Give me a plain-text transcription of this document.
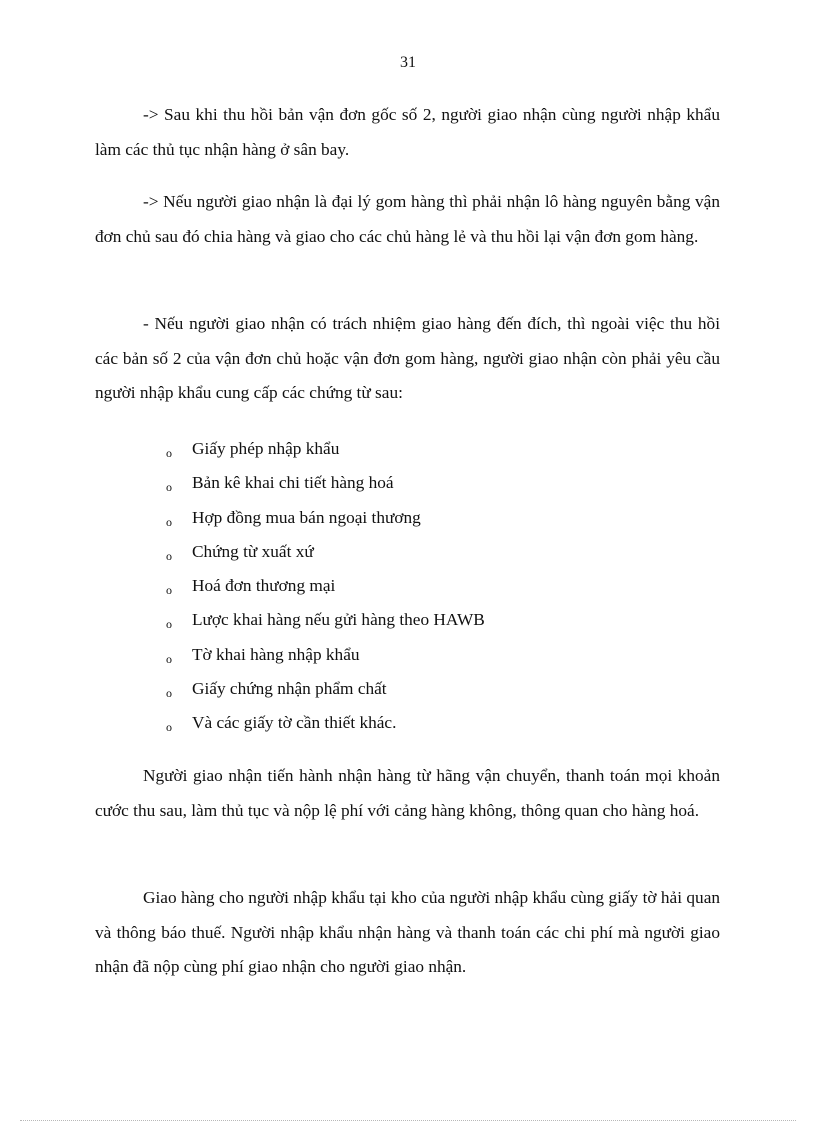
31

-> Sau khi thu hồi bản vận đơn gốc số 2, người giao nhận cùng người nhập khẩu làm các thủ tục nhận hàng ở sân bay.

-> Nếu người giao nhận là đại lý gom hàng thì phải nhận lô hàng nguyên bằng vận đơn chủ sau đó chia hàng và giao cho các chủ hàng lẻ và thu hồi lại vận đơn gom hàng.

- Nếu người giao nhận có trách nhiệm giao hàng đến đích, thì ngoài việc thu hồi các bản số 2 của vận đơn chủ hoặc vận đơn gom hàng, người giao nhận còn phải yêu cầu người nhập khẩu cung cấp các chứng từ sau:

o Giấy phép nhập khẩu
o Bản kê khai chi tiết hàng hoá
o Hợp đồng mua bán ngoại thương
o Chứng từ xuất xứ
o Hoá đơn thương mại
o Lược khai hàng nếu gửi hàng theo HAWB
o Tờ khai hàng nhập khẩu
o Giấy chứng nhận phẩm chất
o Và các giấy tờ cần thiết khác.

Người giao nhận tiến hành nhận hàng từ hãng vận chuyển, thanh toán mọi khoản cước thu sau, làm thủ tục và nộp lệ phí với cảng hàng không, thông quan cho hàng hoá.

Giao hàng cho người nhập khẩu tại kho của người nhập khẩu cùng giấy tờ hải quan và thông báo thuế. Người nhập khẩu nhận hàng và thanh toán các chi phí mà người giao nhận đã nộp cùng phí giao nhận cho người giao nhận.
